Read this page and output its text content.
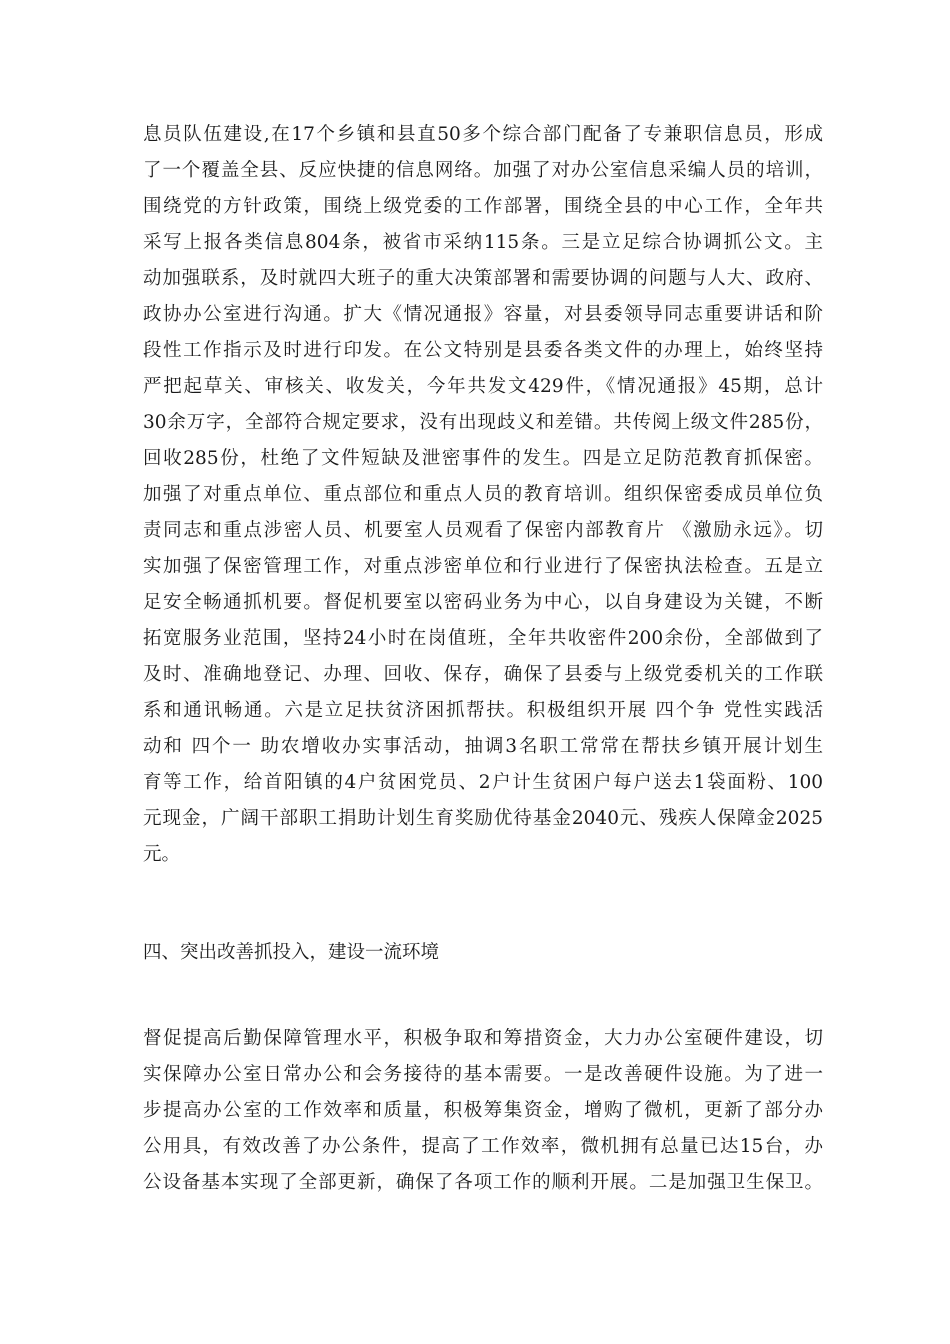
息员队伍建设,在17个乡镇和县直50多个综合部门配备了专兼职信息员，形成
了一个覆盖全县、反应快捷的信息网络。加强了对办公室信息采编人员的培训，
围绕党的方针政策，围绕上级党委的工作部署，围绕全县的中心工作，全年共
采写上报各类信息804条，被省市采纳115条。三是立足综合协调抓公文。主
动加强联系，及时就四大班子的重大决策部署和需要协调的问题与人大、政府、
政协办公室进行沟通。扩大《情况通报》容量，对县委领导同志重要讲话和阶
段性工作指示及时进行印发。在公文特别是县委各类文件的办理上，始终坚持
严把起草关、审核关、收发关，今年共发文429件，《情况通报》45期，总计
30余万字，全部符合规定要求，没有出现歧义和差错。共传阅上级文件285份，
回收285份，杜绝了文件短缺及泄密事件的发生。四是立足防范教育抓保密。
加强了对重点单位、重点部位和重点人员的教育培训。组织保密委成员单位负
责同志和重点涉密人员、机要室人员观看了保密内部教育片 《激励永远》。切
实加强了保密管理工作，对重点涉密单位和行业进行了保密执法检查。五是立
足安全畅通抓机要。督促机要室以密码业务为中心，以自身建设为关键，不断
拓宽服务业范围，坚持24小时在岗值班，全年共收密件200余份，全部做到了
及时、准确地登记、办理、回收、保存，确保了县委与上级党委机关的工作联
系和通讯畅通。六是立足扶贫济困抓帮扶。积极组织开展 四个争 党性实践活
动和 四个一 助农增收办实事活动，抽调3名职工常常在帮扶乡镇开展计划生
育等工作，给首阳镇的4户贫困党员、2户计生贫困户每户送去1袋面粉、100
元现金，广阔干部职工捐助计划生育奖励优待基金2040元、残疾人保障金2025
元。
四、突出改善抓投入，建设一流环境
督促提高后勤保障管理水平，积极争取和筹措资金，大力办公室硬件建设，切
实保障办公室日常办公和会务接待的基本需要。一是改善硬件设施。为了进一
步提高办公室的工作效率和质量，积极筹集资金，增购了微机，更新了部分办
公用具，有效改善了办公条件，提高了工作效率，微机拥有总量已达15台，办
公设备基本实现了全部更新，确保了各项工作的顺利开展。二是加强卫生保卫。
